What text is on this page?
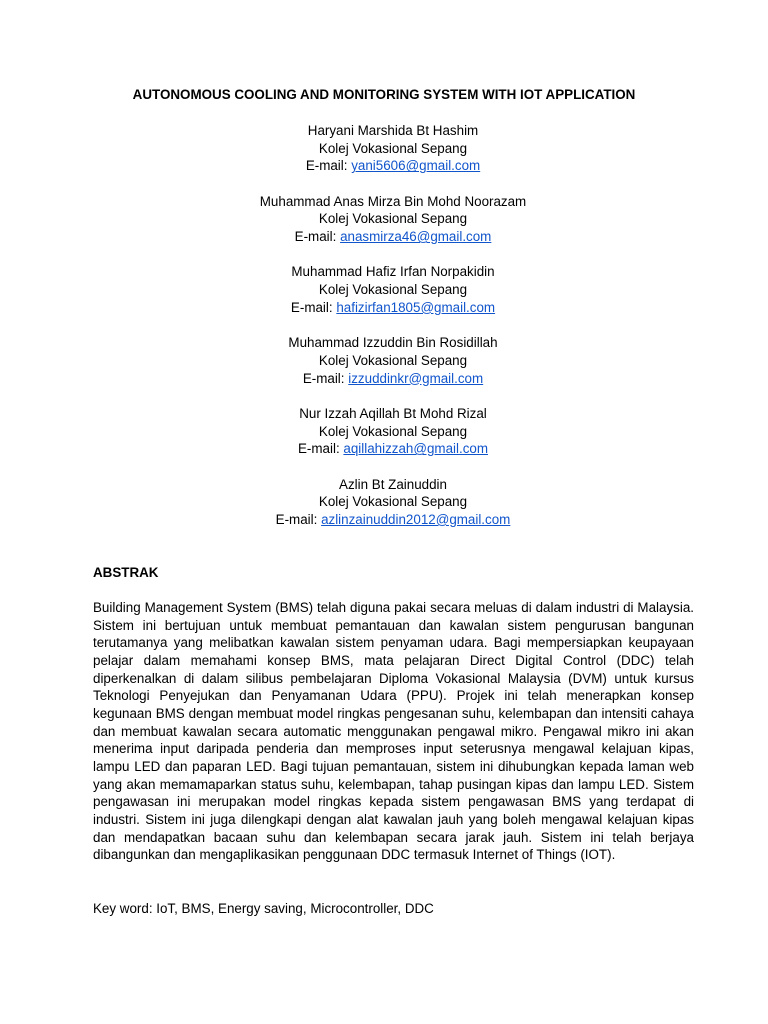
AUTONOMOUS COOLING AND MONITORING SYSTEM WITH IOT APPLICATION
Haryani Marshida Bt Hashim
Kolej Vokasional Sepang
E-mail: yani5606@gmail.com
Muhammad Anas Mirza Bin Mohd Noorazam
Kolej Vokasional Sepang
E-mail: anasmirza46@gmail.com
Muhammad Hafiz Irfan Norpakidin
Kolej Vokasional Sepang
E-mail: hafizirfan1805@gmail.com
Muhammad Izzuddin Bin Rosidillah
Kolej Vokasional Sepang
E-mail: izzuddinkr@gmail.com
Nur Izzah Aqillah Bt Mohd Rizal
Kolej Vokasional Sepang
E-mail: aqillahizzah@gmail.com
Azlin Bt Zainuddin
Kolej Vokasional Sepang
E-mail: azlinzainuddin2012@gmail.com
ABSTRAK
Building Management System (BMS) telah diguna pakai secara meluas di dalam industri di Malaysia. Sistem ini bertujuan untuk membuat pemantauan dan kawalan sistem pengurusan bangunan terutamanya yang melibatkan kawalan sistem penyaman udara. Bagi mempersiapkan keupayaan pelajar dalam memahami konsep BMS, mata pelajaran Direct Digital Control (DDC) telah diperkenalkan di dalam silibus pembelajaran Diploma Vokasional Malaysia (DVM) untuk kursus Teknologi Penyejukan dan Penyamanan Udara (PPU). Projek ini telah menerapkan konsep kegunaan BMS dengan membuat model ringkas pengesanan suhu, kelembapan dan intensiti cahaya dan membuat kawalan secara automatic menggunakan pengawal mikro. Pengawal mikro ini akan menerima input daripada penderia dan memproses input seterusnya mengawal kelajuan kipas, lampu LED dan paparan LED. Bagi tujuan pemantauan, sistem ini dihubungkan kepada laman web yang akan memamaparkan status suhu, kelembapan, tahap pusingan kipas dan lampu LED. Sistem pengawasan ini merupakan model ringkas kepada sistem pengawasan BMS yang terdapat di industri. Sistem ini juga dilengkapi dengan alat kawalan jauh yang boleh mengawal kelajuan kipas dan mendapatkan bacaan suhu dan kelembapan secara jarak jauh. Sistem ini telah berjaya dibangunkan dan mengaplikasikan penggunaan DDC termasuk Internet of Things (IOT).
Key word: IoT, BMS, Energy saving, Microcontroller, DDC
